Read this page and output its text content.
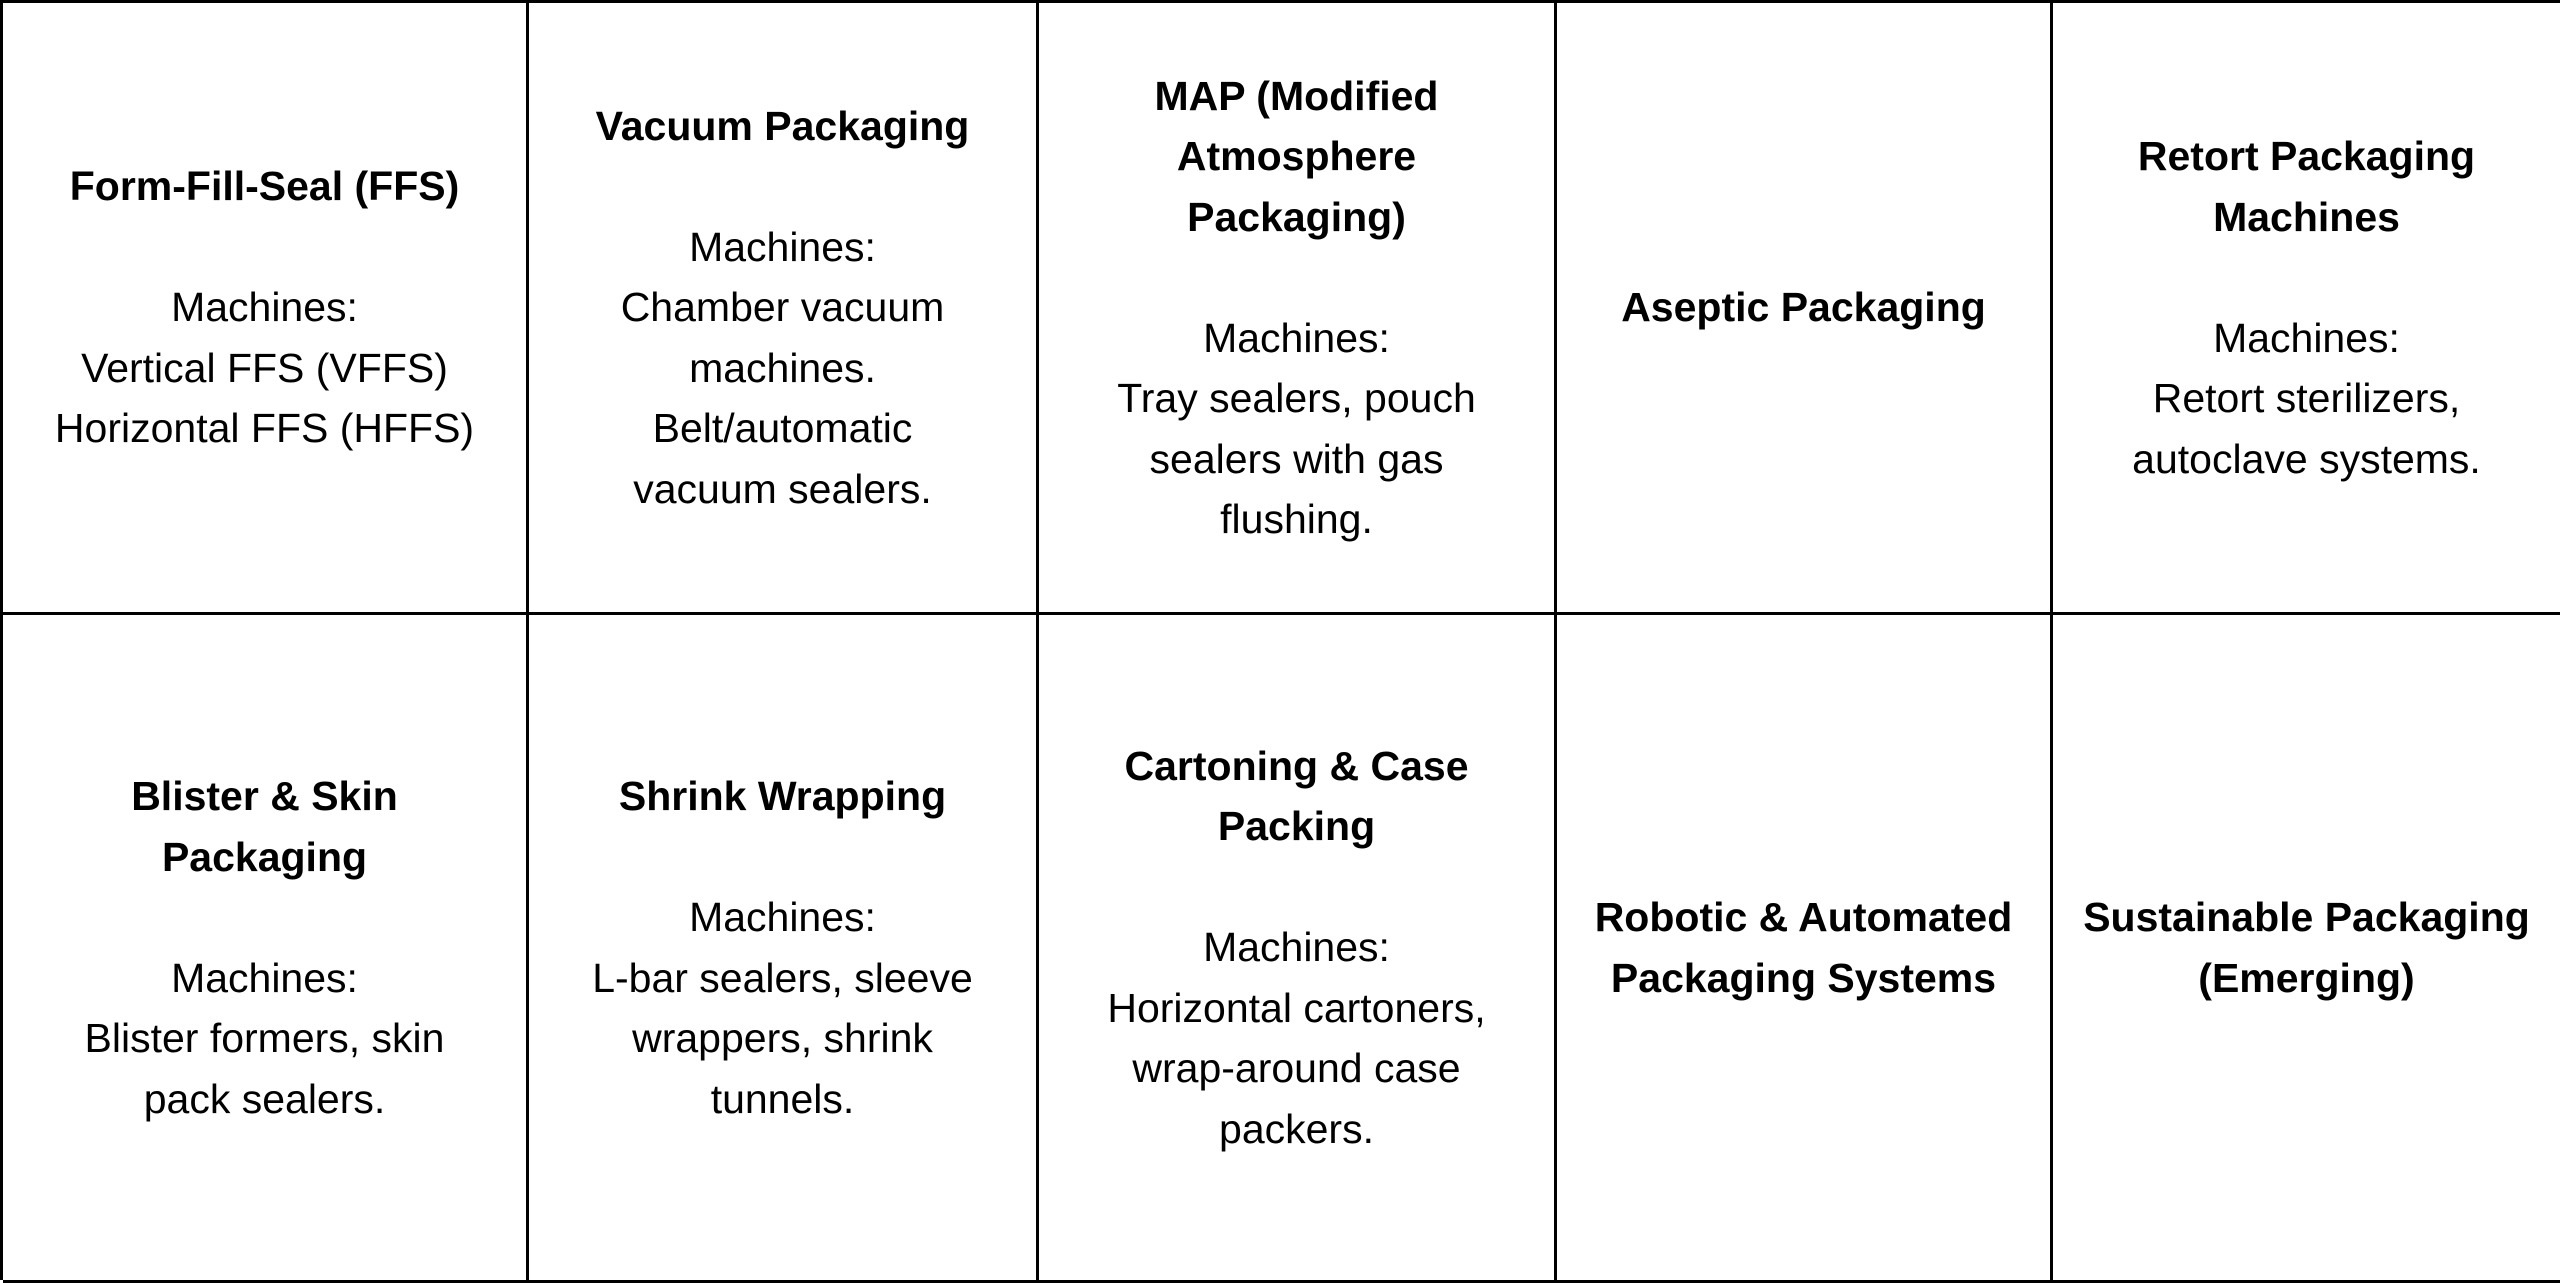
Form-Fill-Seal (FFS)

Machines:

Vertical FFS (VFFS)
Horizontal FFS (HFFS)

Vacuum Packaging

Machines:

Chamber vacuum machines.
Belt/automatic vacuum sealers.

MAP (Modified Atmosphere Packaging)

Machines:

Tray sealers, pouch sealers with gas flushing.

Aseptic Packaging

Retort Packaging Machines

Machines:

Retort sterilizers, autoclave systems.

Blister & Skin Packaging

Machines:

Blister formers, skin pack sealers.

Shrink Wrapping

Machines:

L-bar sealers, sleeve wrappers, shrink tunnels.

Cartoning & Case Packing

Machines:

Horizontal cartoners, wrap-around case packers.

Robotic & Automated Packaging Systems

Sustainable Packaging (Emerging)
